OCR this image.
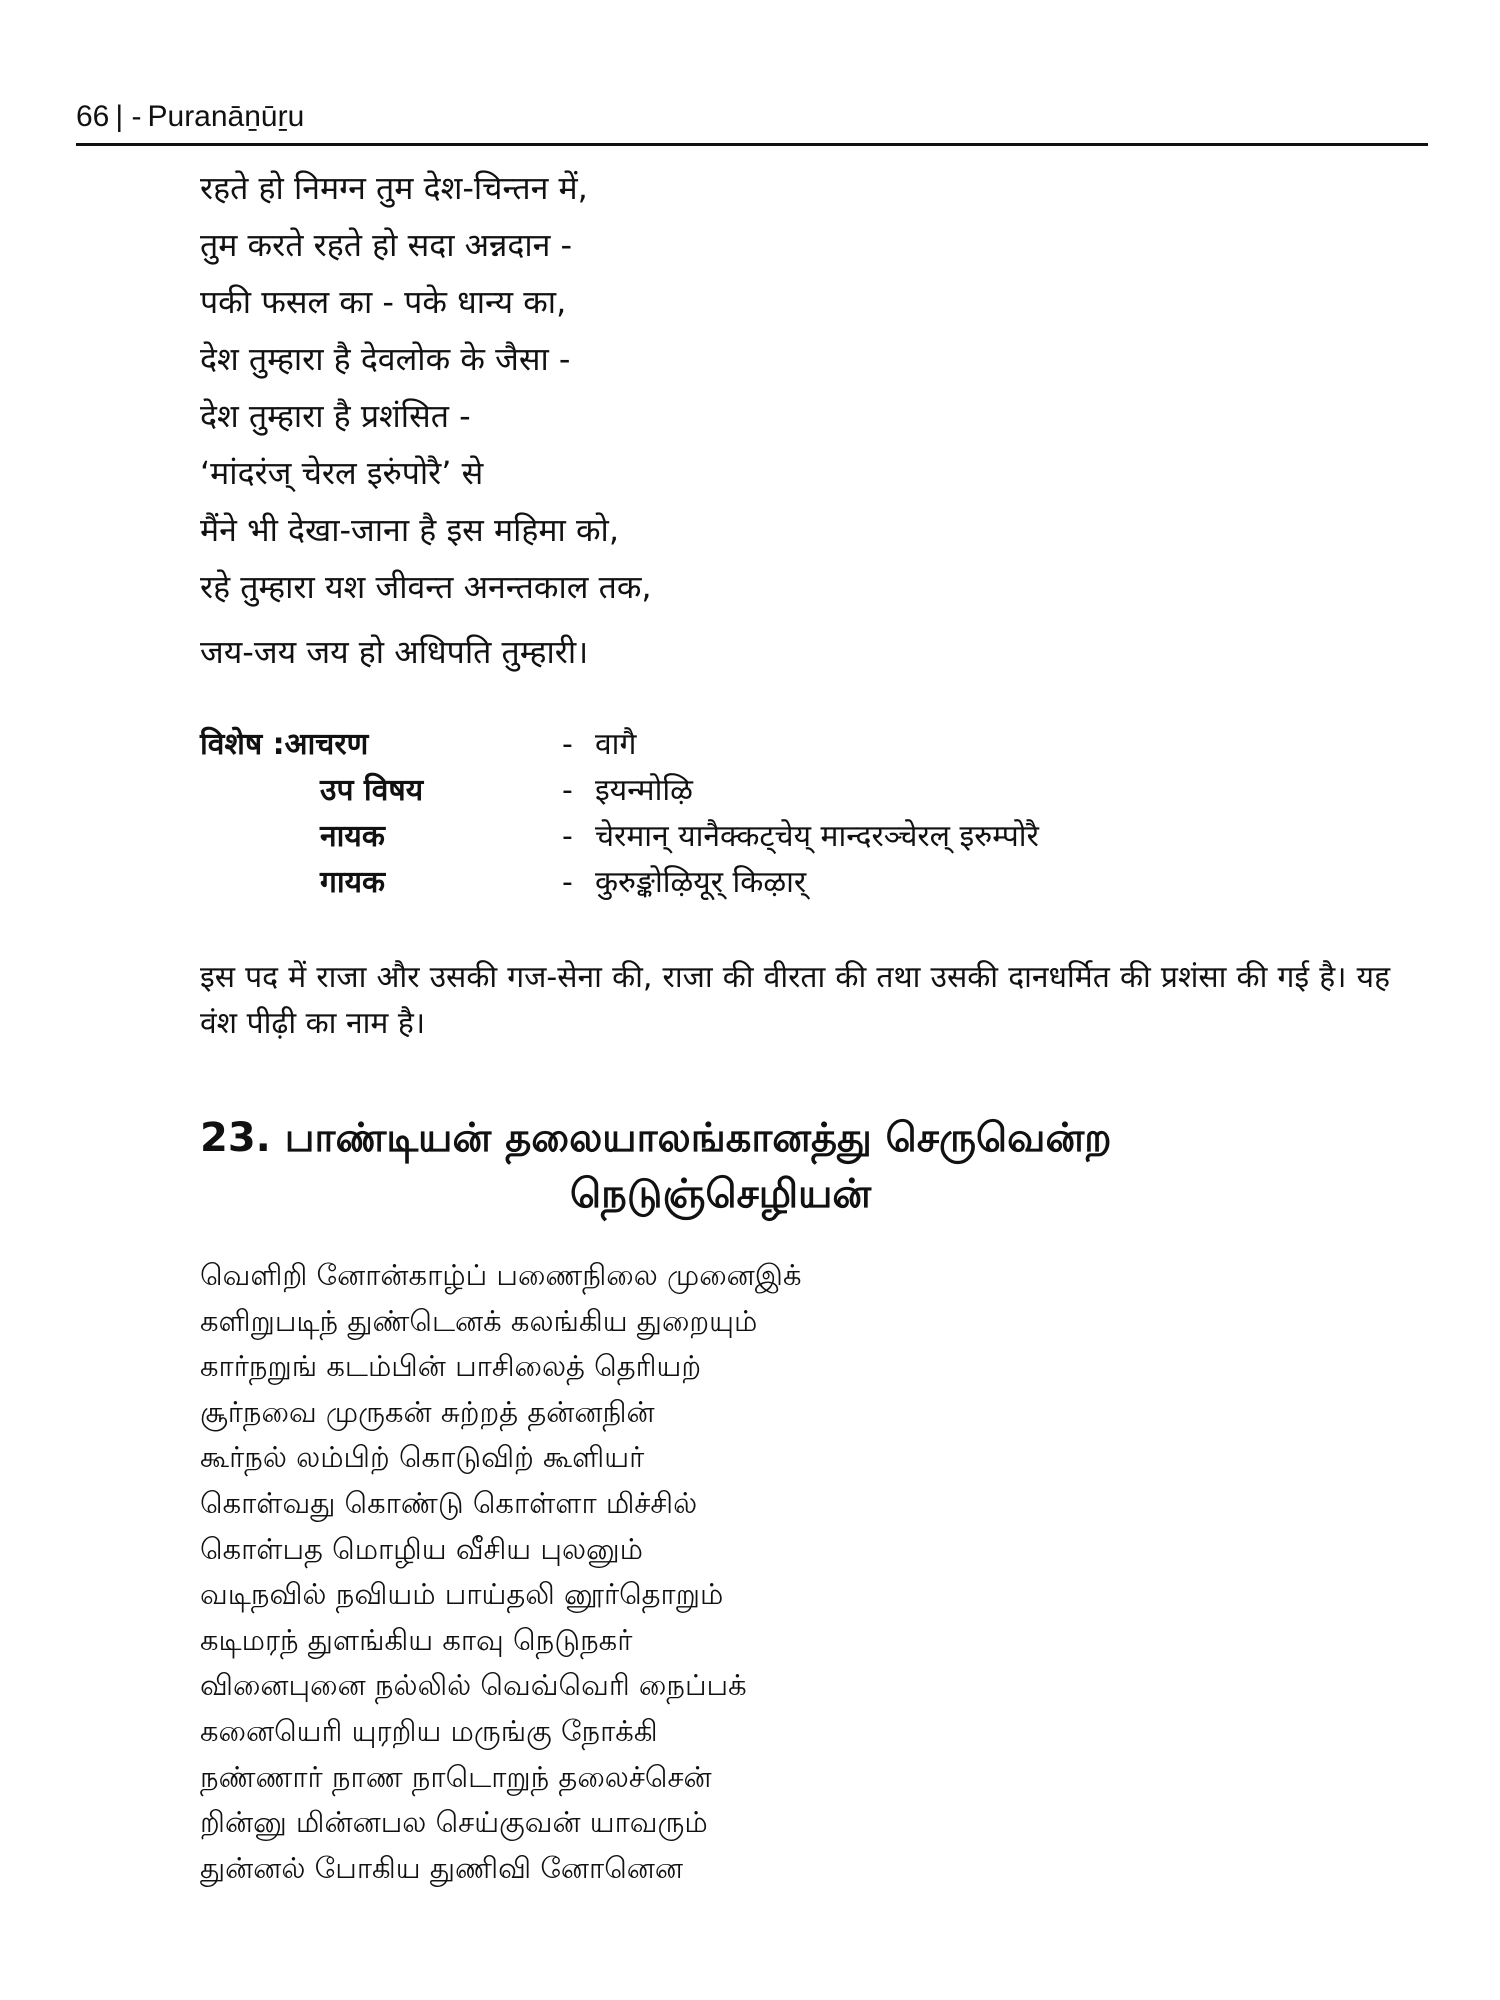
66 | - Puranāṉūṟu
रहते हो निमग्न तुम देश-चिन्तन में,
तुम करते रहते हो सदा अन्नदान -
पकी फसल का - पके धान्य का,
देश तुम्हारा है देवलोक के जैसा -
देश तुम्हारा है प्रशंसित -
‘मांदरंज् चेरल इरुंपोरै’ से
मैंने भी देखा-जाना है इस महिमा को,
रहे तुम्हारा यश जीवन्त अनन्तकाल तक,
जय-जय जय हो अधिपति तुम्हारी।
विशेष :आचरण	- वागै
उप विषय	- इयन्मोऴि
नायक	- चेरमान् यानैक्कट्चेय् मान्दरञ्चेरल् इरुम्पोरै
गायक	- कुरुङ्कोऴियूर् किऴार्
इस पद में राजा और उसकी गज-सेना की, राजा की वीरता की तथा उसकी दानधर्मित की प्रशंसा की गई है। यह वंश पीढ़ी का नाम है।
23. பாண்டியன் தலையாலங்கானத்து செருவென்ற
நெடுஞ்செழியன்
வெளிறி னோன்காழ்ப் பணைநிலை முனைஇக்
களிறுபடிந் துண்டெனக் கலங்கிய துறையும்
கார்நறுங் கடம்பின் பாசிலைத் தெரியற்
சூர்நவை முருகன் சுற்றத் தன்னநின்
கூர்நல் லம்பிற் கொடுவிற் கூளியர்
கொள்வது கொண்டு கொள்ளா மிச்சில்
கொள்பத மொழிய வீசிய புலனும்
வடிநவில் நவியம் பாய்தலி னூர்தொறும்
கடிமரந் துளங்கிய காவு நெடுநகர்
வினைபுனை நல்லில் வெவ்வெரி நைப்பக்
கனையெரி யுரறிய மருங்கு நோக்கி
நண்ணார் நாண நாடொறுந் தலைச்சென்
றின்னு மின்னபல செய்குவன் யாவரும்
துன்னல் போகிய துணிவி னோனென
